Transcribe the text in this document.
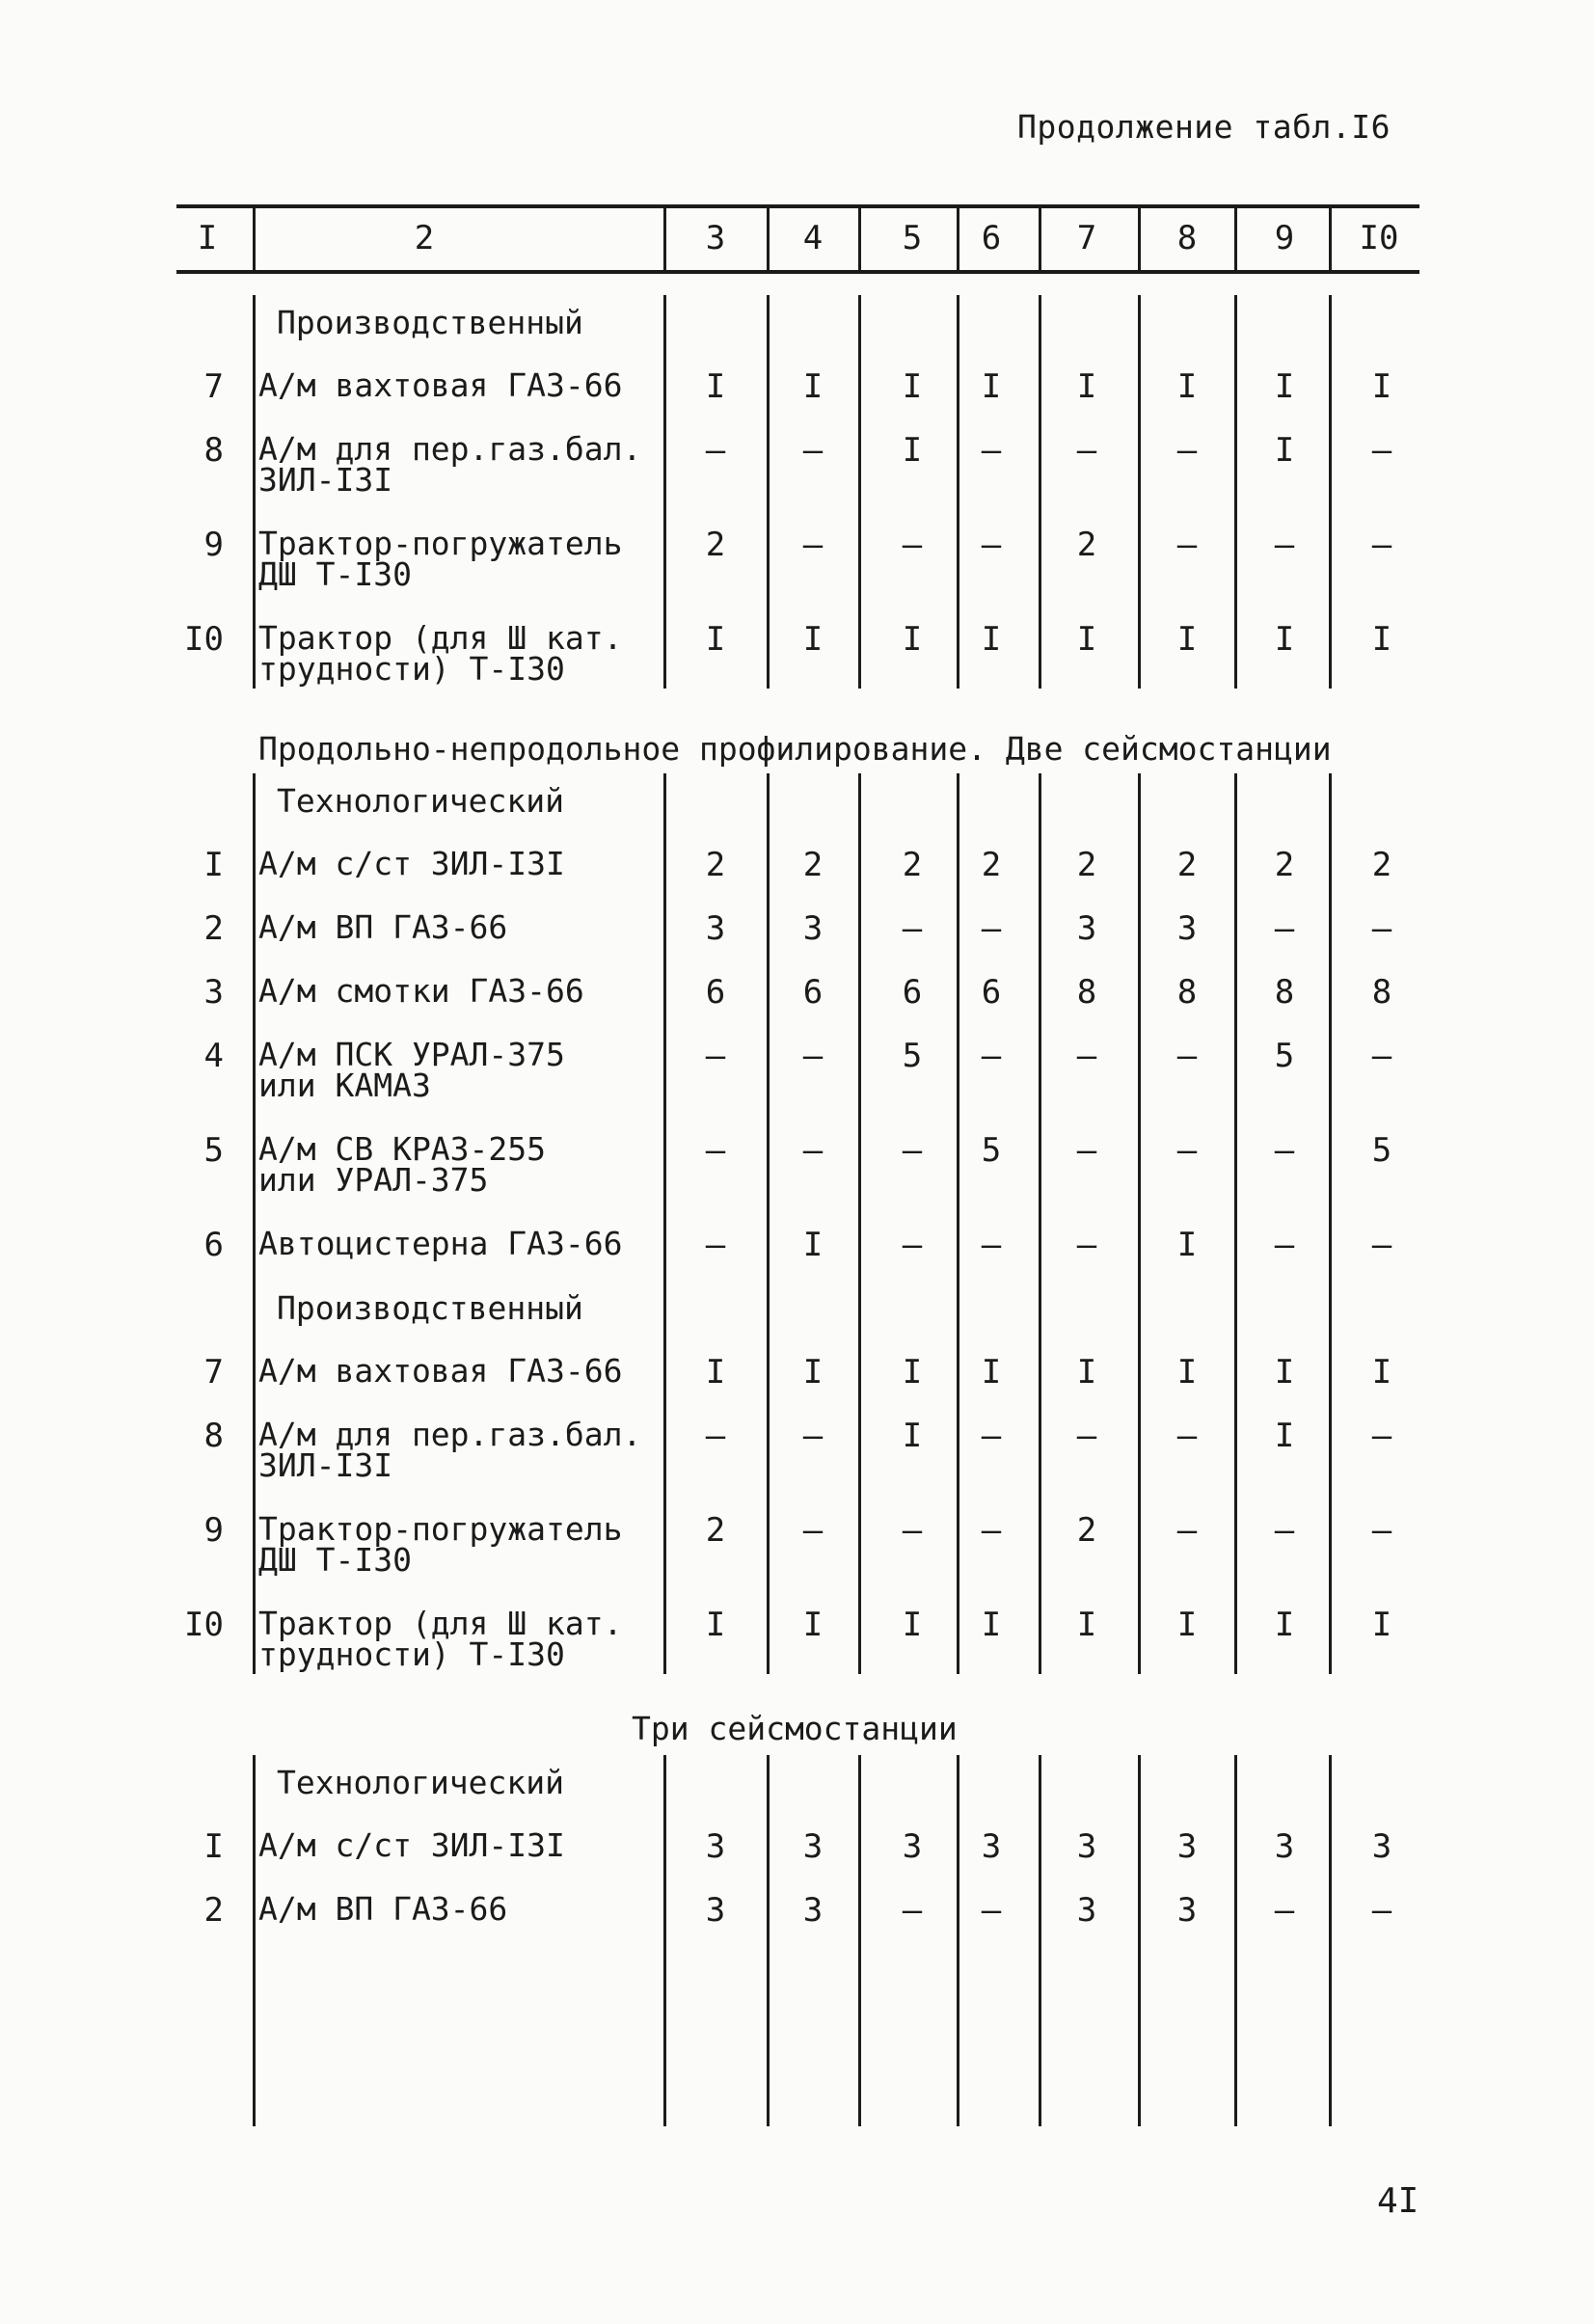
Продолжение табл.I6
I	2	3	4	5	6	7	8	9	I0
Производственный
7 А/м вахтовая ГАЗ-66	I	I	I	I	I	I	I	I
8 А/м для пер.газ.бал.
ЗИЛ-I3I
–	–	I	–	–	–	I	–
9 Трактор-погружатель
ДШ Т-I30
2	–	–	–	2	–	–	–
I0 Трактор (для Ш кат.
трудности) Т-I30
I	I	I	I	I	I	I	I
Продольно-непродольное профилирование. Две сейсмостанции
Технологический
I А/м с/ст ЗИЛ-I3I	2	2	2	2	2	2	2	2
2 А/м ВП ГАЗ-66	3	3	–	–	3	3	–	–
3 А/м смотки ГАЗ-66	6	6	6	6	8	8	8	8
4 А/м ПСК УРАЛ-375
или КАМАЗ
–	–	5	–	–	–	5	–
5 А/м СВ КРАЗ-255
или УРАЛ-375
–	–	–	5	–	–	–	5
6 Автоцистерна ГАЗ-66	–	I	–	–	–	I	–	–
Производственный
7 А/м вахтовая ГАЗ-66	I	I	I	I	I	I	I	I
8 А/м для пер.газ.бал.
ЗИЛ-I3I
–	–	I	–	–	–	I	–
9 Трактор-погружатель
ДШ Т-I30
2	–	–	–	2	–	–	–
I0 Трактор (для Ш кат.
трудности) Т-I30
I	I	I	I	I	I	I	I
Три сейсмостанции
Технологический
I А/м с/ст ЗИЛ-I3I	3	3	3	3	3	3	3	3
2 А/м ВП ГАЗ-66	3	3	–	–	3	3	–	–
4I
